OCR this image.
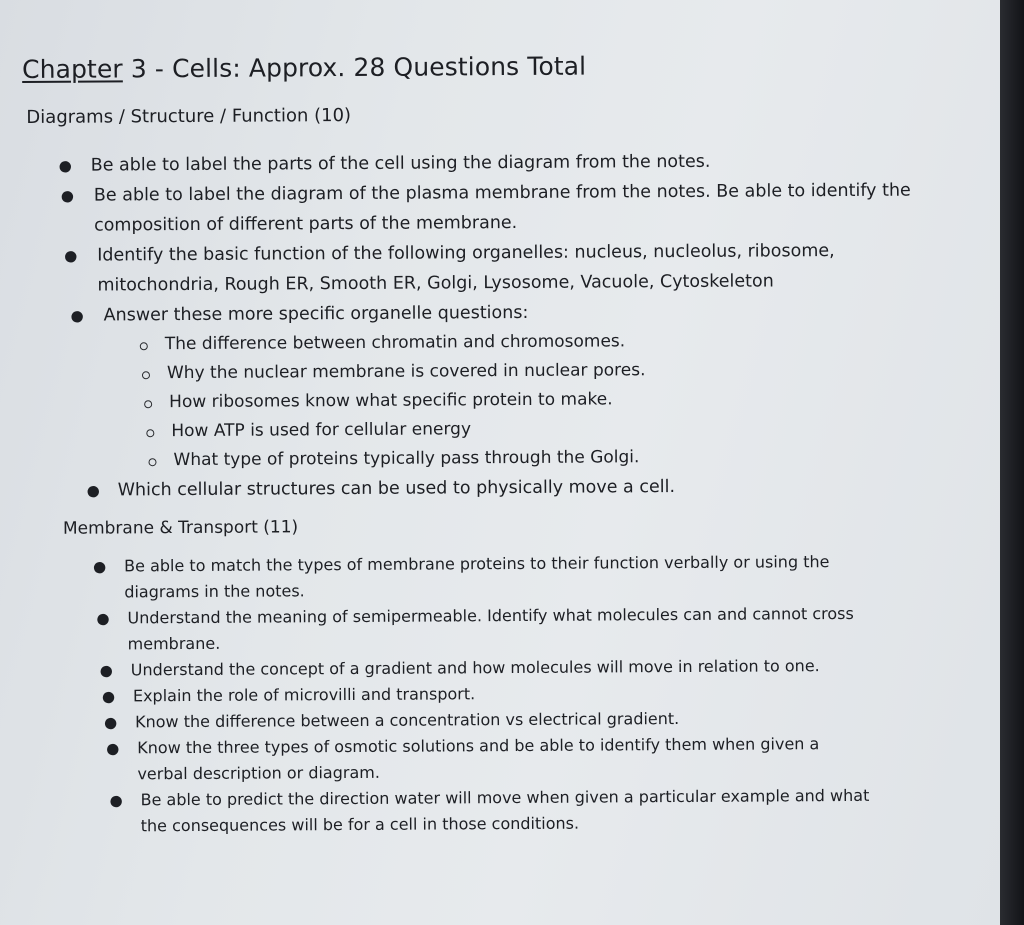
Chapter 3 - Cells: Approx. 28 Questions Total
Diagrams / Structure / Function (10)
● Be able to label the parts of the cell using the diagram from the notes.
● Be able to label the diagram of the plasma membrane from the notes. Be able to identify the composition of different parts of the membrane.
● Identify the basic function of the following organelles: nucleus, nucleolus, ribosome, mitochondria, Rough ER, Smooth ER, Golgi, Lysosome, Vacuole, Cytoskeleton
● Answer these more specific organelle questions:
The difference between chromatin and chromosomes.
Why the nuclear membrane is covered in nuclear pores.
How ribosomes know what specific protein to make.
How ATP is used for cellular energy
What type of proteins typically pass through the Golgi.
● Which cellular structures can be used to physically move a cell.
Membrane & Transport (11)
● Be able to match the types of membrane proteins to their function verbally or using the diagrams in the notes.
● Understand the meaning of semipermeable. Identify what molecules can and cannot cross membrane.
● Understand the concept of a gradient and how molecules will move in relation to one.
● Explain the role of microvilli and transport.
● Know the difference between a concentration vs electrical gradient.
● Know the three types of osmotic solutions and be able to identify them when given a verbal description or diagram.
● Be able to predict the direction water will move when given a particular example and what the consequences will be for a cell in those conditions.
